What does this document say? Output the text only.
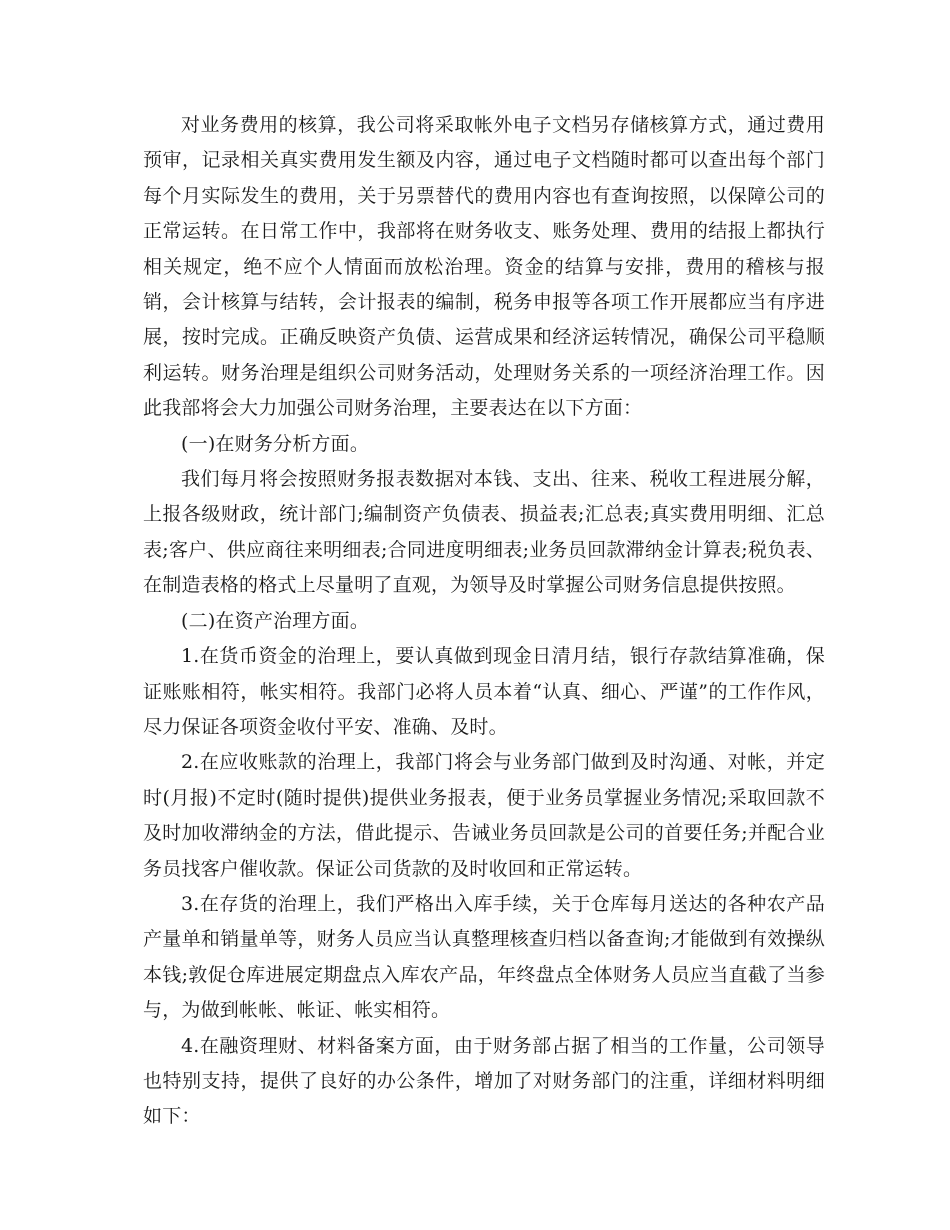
对业务费用的核算，我公司将采取帐外电子文档另存储核算方式，通过费用预审，记录相关真实费用发生额及内容，通过电子文档随时都可以查出每个部门每个月实际发生的费用，关于另票替代的费用内容也有查询按照，以保障公司的正常运转。在日常工作中，我部将在财务收支、账务处理、费用的结报上都执行相关规定，绝不应个人情面而放松治理。资金的结算与安排，费用的稽核与报销，会计核算与结转，会计报表的编制，税务申报等各项工作开展都应当有序进展，按时完成。正确反映资产负债、运营成果和经济运转情况，确保公司平稳顺利运转。财务治理是组织公司财务活动，处理财务关系的一项经济治理工作。因此我部将会大力加强公司财务治理，主要表达在以下方面：

(一)在财务分析方面。

我们每月将会按照财务报表数据对本钱、支出、往来、税收工程进展分解，上报各级财政，统计部门;编制资产负债表、损益表;汇总表;真实费用明细、汇总表;客户、供应商往来明细表;合同进度明细表;业务员回款滞纳金计算表;税负表、在制造表格的格式上尽量明了直观，为领导及时掌握公司财务信息提供按照。

(二)在资产治理方面。

1.在货币资金的治理上，要认真做到现金日清月结，银行存款结算准确，保证账账相符，帐实相符。我部门必将人员本着“认真、细心、严谨”的工作作风，尽力保证各项资金收付平安、准确、及时。

2.在应收账款的治理上，我部门将会与业务部门做到及时沟通、对帐，并定时(月报)不定时(随时提供)提供业务报表，便于业务员掌握业务情况;采取回款不及时加收滞纳金的方法，借此提示、告诫业务员回款是公司的首要任务;并配合业务员找客户催收款。保证公司货款的及时收回和正常运转。

3.在存货的治理上，我们严格出入库手续，关于仓库每月送达的各种农产品产量单和销量单等，财务人员应当认真整理核查归档以备查询;才能做到有效操纵本钱;敦促仓库进展定期盘点入库农产品，年终盘点全体财务人员应当直截了当参与，为做到帐帐、帐证、帐实相符。

4.在融资理财、材料备案方面，由于财务部占据了相当的工作量，公司领导也特别支持，提供了良好的办公条件，增加了对财务部门的注重，详细材料明细如下：
